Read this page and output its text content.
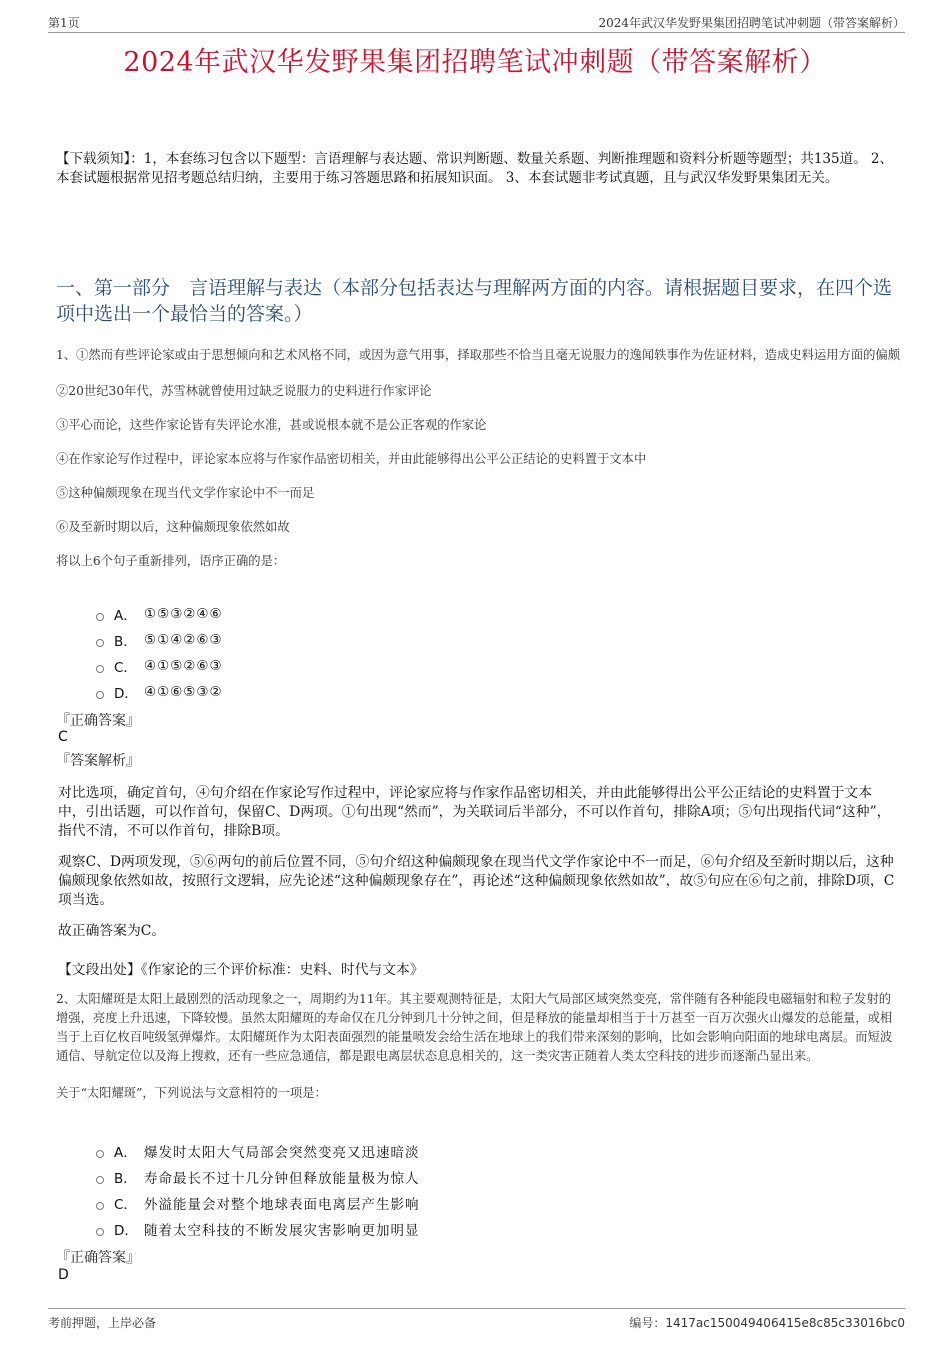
第1页	2024年武汉华发野果集团招聘笔试冲刺题（带答案解析）
2024年武汉华发野果集团招聘笔试冲刺题（带答案解析）
【下载须知】：1，本套练习包含以下题型：言语理解与表达题、常识判断题、数量关系题、判断推理题和资料分析题等题型；共135道。 2、本套试题根据常见招考题总结归纳，主要用于练习答题思路和拓展知识面。 3、本套试题非考试真题，且与武汉华发野果集团无关。
一、第一部分　言语理解与表达（本部分包括表达与理解两方面的内容。请根据题目要求，在四个选项中选出一个最恰当的答案。）

1、①然而有些评论家或由于思想倾向和艺术风格不同，或因为意气用事，择取那些不恰当且毫无说服力的逸闻轶事作为佐证材料，造成史料运用方面的偏颇

②20世纪30年代，苏雪林就曾使用过缺乏说服力的史料进行作家评论

③平心而论，这些作家论皆有失评论水准，甚或说根本就不是公正客观的作家论

④在作家论写作过程中，评论家本应将与作家作品密切相关，并由此能够得出公平公正结论的史料置于文本中

⑤这种偏颇现象在现当代文学作家论中不一而足

⑥及至新时期以后，这种偏颇现象依然如故

将以上6个句子重新排列，语序正确的是：

A． ①⑤③②④⑥
B． ⑤①④②⑥③
C． ④①⑤②⑥③
D． ④①⑥⑤③②
『正确答案』
C
『答案解析』

对比选项，确定首句，④句介绍在作家论写作过程中，评论家应将与作家作品密切相关，并由此能够得出公平公正结论的史料置于文本中，引出话题，可以作首句，保留C、D两项。①句出现“然而”，为关联词后半部分，不可以作首句，排除A项；⑤句出现指代词“这种”，指代不清，不可以作首句，排除B项。

观察C、D两项发现，⑤⑥两句的前后位置不同，⑤句介绍这种偏颇现象在现当代文学作家论中不一而足，⑥句介绍及至新时期以后，这种偏颇现象依然如故，按照行文逻辑，应先论述“这种偏颇现象存在”，再论述“这种偏颇现象依然如故”，故⑤句应在⑥句之前，排除D项，C项当选。

故正确答案为C。

【文段出处】《作家论的三个评价标准：史料、时代与文本》

2、太阳耀斑是太阳上最剧烈的活动现象之一，周期约为11年。其主要观测特征是，太阳大气局部区域突然变亮，常伴随有各种能段电磁辐射和粒子发射的增强，亮度上升迅速，下降较慢。虽然太阳耀斑的寿命仅在几分钟到几十分钟之间，但是释放的能量却相当于十万甚至一百万次强火山爆发的总能量，或相当于上百亿枚百吨级氢弹爆炸。太阳耀斑作为太阳表面强烈的能量喷发会给生活在地球上的我们带来深刻的影响，比如会影响向阳面的地球电离层。而短波通信、导航定位以及海上搜救，还有一些应急通信，都是跟电离层状态息息相关的，这一类灾害正随着人类太空科技的进步而逐渐凸显出来。

关于“太阳耀斑”，下列说法与文意相符的一项是：

A． 爆发时太阳大气局部会突然变亮又迅速暗淡
B． 寿命最长不过十几分钟但释放能量极为惊人
C． 外溢能量会对整个地球表面电离层产生影响
D． 随着太空科技的不断发展灾害影响更加明显
『正确答案』
D
考前押题，上岸必备	编号：1417ac150049406415e8c85c33016bc0
